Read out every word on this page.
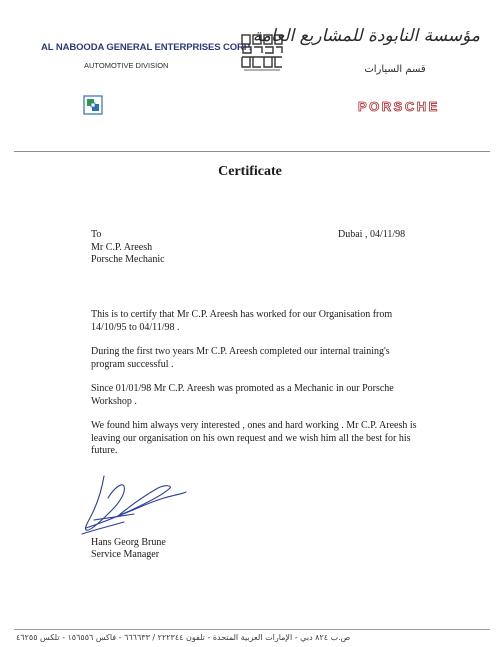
AL NABOODA GENERAL ENTERPRISES CORP.
AUTOMOTIVE DIVISION
مؤسسة النابودة للمشاريع العامة
قسم السيارات
PORSCHE
Certificate
To
Mr C.P. Areesh
Porsche Mechanic
Dubai , 04/11/98

This is to certify that Mr C.P. Areesh has worked for our Organisation from 14/10/95 to 04/11/98 .

During the first two years Mr C.P. Areesh completed our internal training's program successful .

Since 01/01/98 Mr C.P. Areesh was promoted as a Mechanic in our Porsche Workshop .

We found him always very interested , ones and hard working . Mr C.P. Areesh is leaving our organisation on his own request and we wish him all the best for his future.

Hans Georg Brune
Service Manager
ص.ب ٨٢٤ دبي - الإمارات العربية المتحدة - تلفون ٢٢٢٣٤٤ / ٦٦٦٦٣٣ - فاكس ١٥٦٥٥٦ - تلكس ٤٦٢٥٥
